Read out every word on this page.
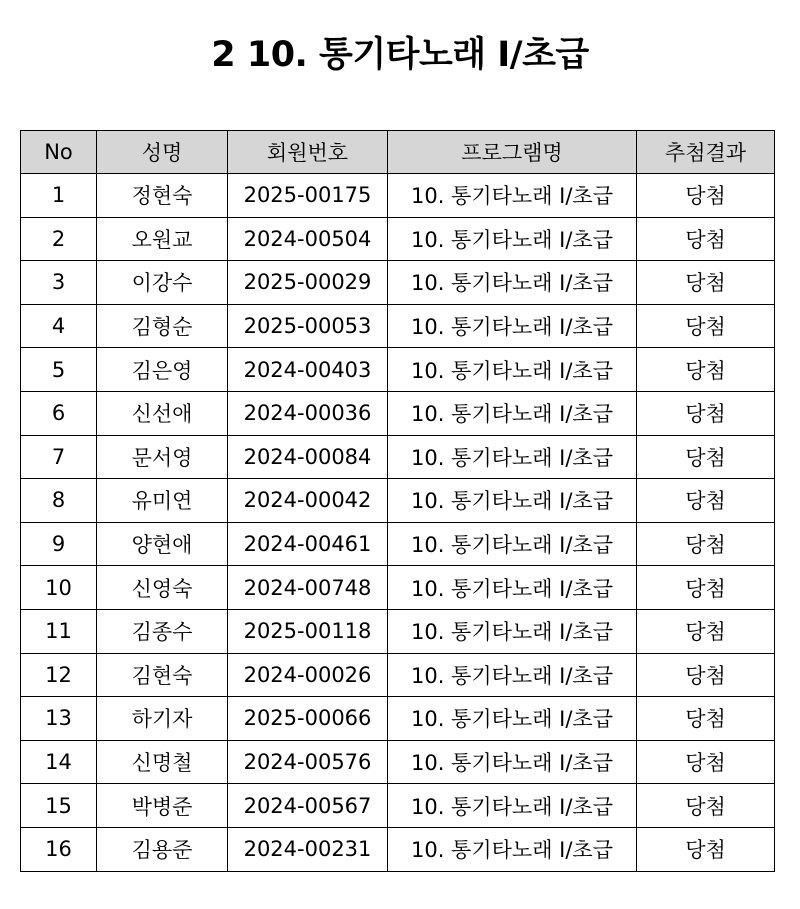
2 10. 통기타노래 I/초급
No	성명	회원번호	프로그램명	추첨결과
1	정현숙	2025-00175	10. 통기타노래 I/초급	당첨
2	오원교	2024-00504	10. 통기타노래 I/초급	당첨
3	이강수	2025-00029	10. 통기타노래 I/초급	당첨
4	김형순	2025-00053	10. 통기타노래 I/초급	당첨
5	김은영	2024-00403	10. 통기타노래 I/초급	당첨
6	신선애	2024-00036	10. 통기타노래 I/초급	당첨
7	문서영	2024-00084	10. 통기타노래 I/초급	당첨
8	유미연	2024-00042	10. 통기타노래 I/초급	당첨
9	양현애	2024-00461	10. 통기타노래 I/초급	당첨
10	신영숙	2024-00748	10. 통기타노래 I/초급	당첨
11	김종수	2025-00118	10. 통기타노래 I/초급	당첨
12	김현숙	2024-00026	10. 통기타노래 I/초급	당첨
13	하기자	2025-00066	10. 통기타노래 I/초급	당첨
14	신명철	2024-00576	10. 통기타노래 I/초급	당첨
15	박병준	2024-00567	10. 통기타노래 I/초급	당첨
16	김용준	2024-00231	10. 통기타노래 I/초급	당첨
